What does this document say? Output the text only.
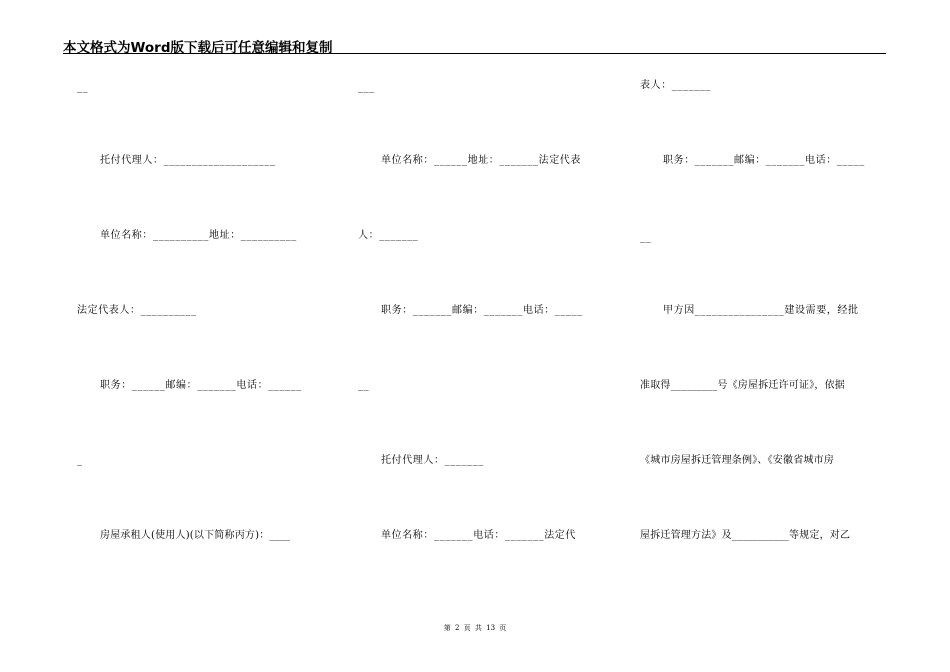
本文格式为Word版下载后可任意编辑和复制
__
托付代理人：____________________
单位名称：__________地址：__________
法定代表人：__________
职务：______邮编：_______电话：______
_
房屋承租人(使用人)(以下简称丙方)：____
___
单位名称：______地址：_______法定代表
人：_______
职务：_______邮编：_______电话：_____
__
托付代理人：_______
单位名称：_______电话：_______法定代
表人：_______
职务：_______邮编：_______电话：_____
__
甲方因________________建设需要，经批
准取得_________号《房屋拆迁许可证》，依据
《城市房屋拆迁管理条例》、《安徽省城市房
屋拆迁管理方法》及___________等规定，对乙
第 2 页 共 13 页
